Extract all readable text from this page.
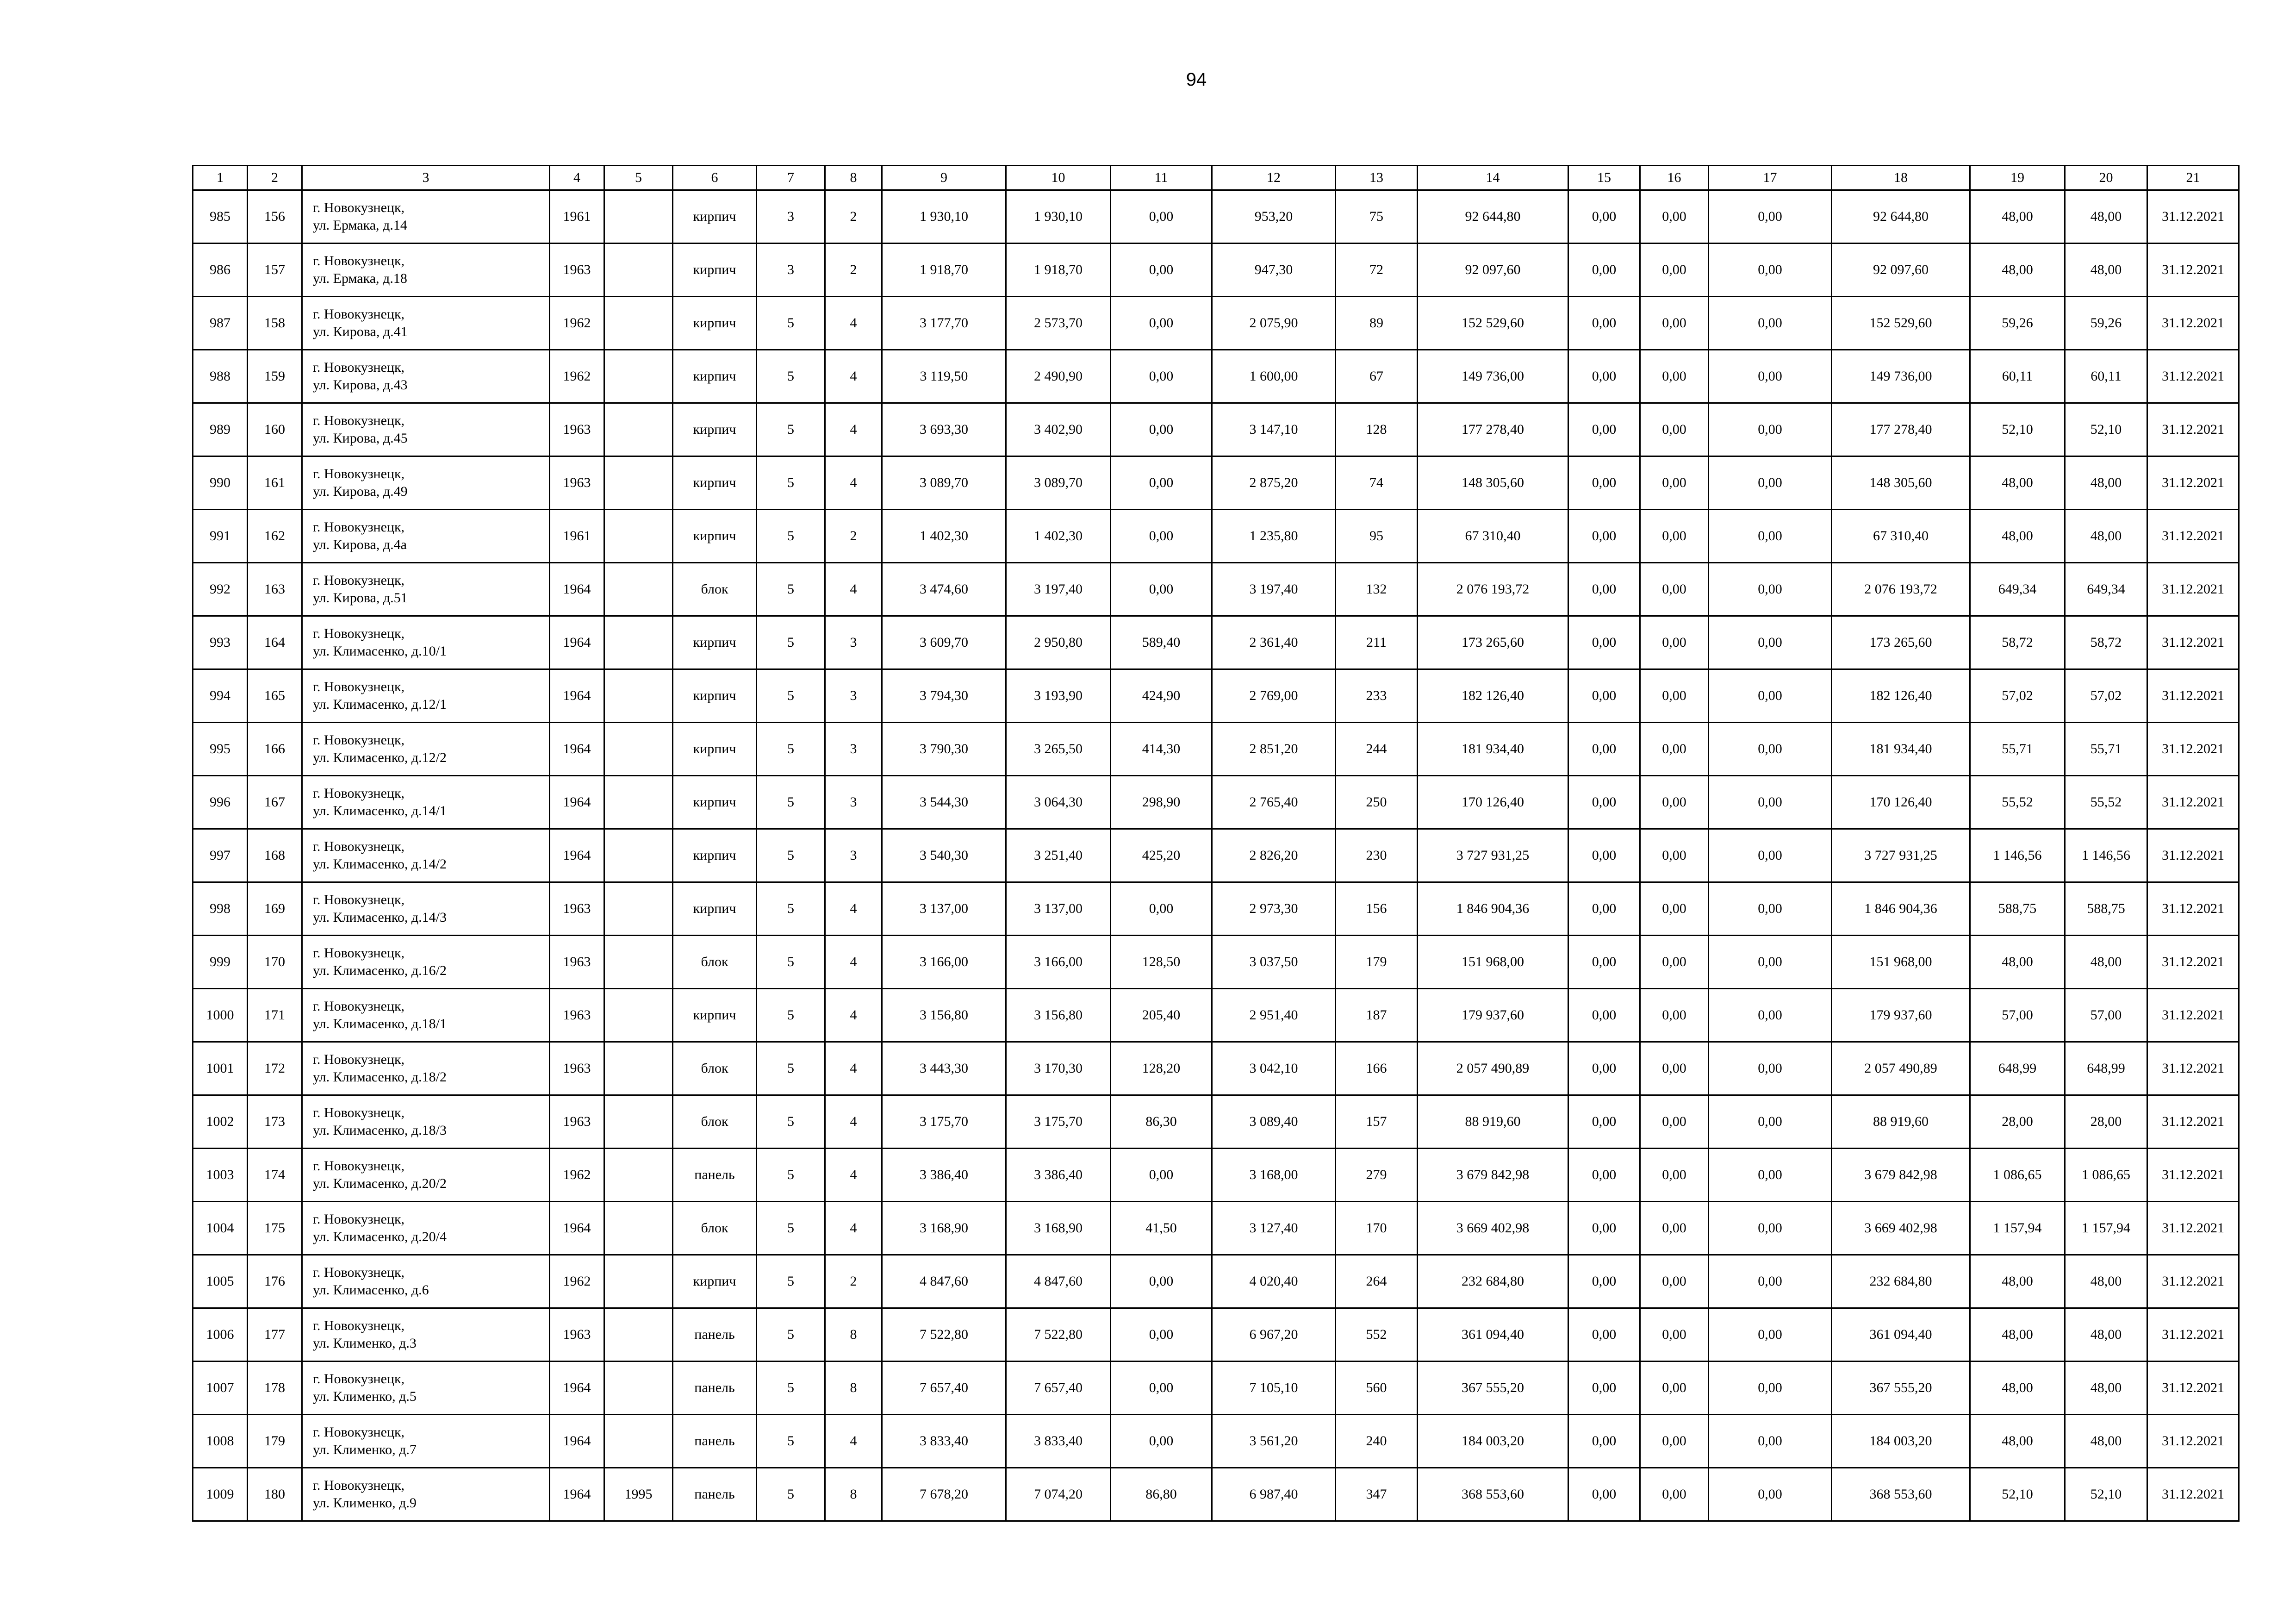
94
1	2	3	4	5	6	7	8	9	10	11	12	13	14	15	16	17	18	19	20	21
985	156	г. Новокузнецк,
ул. Ермака, д.14	1961		кирпич	3	2	1 930,10	1 930,10	0,00	953,20	75	92 644,80	0,00	0,00	0,00	92 644,80	48,00	48,00	31.12.2021
986	157	г. Новокузнецк,
ул. Ермака, д.18	1963		кирпич	3	2	1 918,70	1 918,70	0,00	947,30	72	92 097,60	0,00	0,00	0,00	92 097,60	48,00	48,00	31.12.2021
987	158	г. Новокузнецк,
ул. Кирова, д.41	1962		кирпич	5	4	3 177,70	2 573,70	0,00	2 075,90	89	152 529,60	0,00	0,00	0,00	152 529,60	59,26	59,26	31.12.2021
988	159	г. Новокузнецк,
ул. Кирова, д.43	1962		кирпич	5	4	3 119,50	2 490,90	0,00	1 600,00	67	149 736,00	0,00	0,00	0,00	149 736,00	60,11	60,11	31.12.2021
989	160	г. Новокузнецк,
ул. Кирова, д.45	1963		кирпич	5	4	3 693,30	3 402,90	0,00	3 147,10	128	177 278,40	0,00	0,00	0,00	177 278,40	52,10	52,10	31.12.2021
990	161	г. Новокузнецк,
ул. Кирова, д.49	1963		кирпич	5	4	3 089,70	3 089,70	0,00	2 875,20	74	148 305,60	0,00	0,00	0,00	148 305,60	48,00	48,00	31.12.2021
991	162	г. Новокузнецк,
ул. Кирова, д.4а	1961		кирпич	5	2	1 402,30	1 402,30	0,00	1 235,80	95	67 310,40	0,00	0,00	0,00	67 310,40	48,00	48,00	31.12.2021
992	163	г. Новокузнецк,
ул. Кирова, д.51	1964		блок	5	4	3 474,60	3 197,40	0,00	3 197,40	132	2 076 193,72	0,00	0,00	0,00	2 076 193,72	649,34	649,34	31.12.2021
993	164	г. Новокузнецк,
ул. Климасенко, д.10/1	1964		кирпич	5	3	3 609,70	2 950,80	589,40	2 361,40	211	173 265,60	0,00	0,00	0,00	173 265,60	58,72	58,72	31.12.2021
994	165	г. Новокузнецк,
ул. Климасенко, д.12/1	1964		кирпич	5	3	3 794,30	3 193,90	424,90	2 769,00	233	182 126,40	0,00	0,00	0,00	182 126,40	57,02	57,02	31.12.2021
995	166	г. Новокузнецк,
ул. Климасенко, д.12/2	1964		кирпич	5	3	3 790,30	3 265,50	414,30	2 851,20	244	181 934,40	0,00	0,00	0,00	181 934,40	55,71	55,71	31.12.2021
996	167	г. Новокузнецк,
ул. Климасенко, д.14/1	1964		кирпич	5	3	3 544,30	3 064,30	298,90	2 765,40	250	170 126,40	0,00	0,00	0,00	170 126,40	55,52	55,52	31.12.2021
997	168	г. Новокузнецк,
ул. Климасенко, д.14/2	1964		кирпич	5	3	3 540,30	3 251,40	425,20	2 826,20	230	3 727 931,25	0,00	0,00	0,00	3 727 931,25	1 146,56	1 146,56	31.12.2021
998	169	г. Новокузнецк,
ул. Климасенко, д.14/3	1963		кирпич	5	4	3 137,00	3 137,00	0,00	2 973,30	156	1 846 904,36	0,00	0,00	0,00	1 846 904,36	588,75	588,75	31.12.2021
999	170	г. Новокузнецк,
ул. Климасенко, д.16/2	1963		блок	5	4	3 166,00	3 166,00	128,50	3 037,50	179	151 968,00	0,00	0,00	0,00	151 968,00	48,00	48,00	31.12.2021
1000	171	г. Новокузнецк,
ул. Климасенко, д.18/1	1963		кирпич	5	4	3 156,80	3 156,80	205,40	2 951,40	187	179 937,60	0,00	0,00	0,00	179 937,60	57,00	57,00	31.12.2021
1001	172	г. Новокузнецк,
ул. Климасенко, д.18/2	1963		блок	5	4	3 443,30	3 170,30	128,20	3 042,10	166	2 057 490,89	0,00	0,00	0,00	2 057 490,89	648,99	648,99	31.12.2021
1002	173	г. Новокузнецк,
ул. Климасенко, д.18/3	1963		блок	5	4	3 175,70	3 175,70	86,30	3 089,40	157	88 919,60	0,00	0,00	0,00	88 919,60	28,00	28,00	31.12.2021
1003	174	г. Новокузнецк,
ул. Климасенко, д.20/2	1962		панель	5	4	3 386,40	3 386,40	0,00	3 168,00	279	3 679 842,98	0,00	0,00	0,00	3 679 842,98	1 086,65	1 086,65	31.12.2021
1004	175	г. Новокузнецк,
ул. Климасенко, д.20/4	1964		блок	5	4	3 168,90	3 168,90	41,50	3 127,40	170	3 669 402,98	0,00	0,00	0,00	3 669 402,98	1 157,94	1 157,94	31.12.2021
1005	176	г. Новокузнецк,
ул. Климасенко, д.6	1962		кирпич	5	2	4 847,60	4 847,60	0,00	4 020,40	264	232 684,80	0,00	0,00	0,00	232 684,80	48,00	48,00	31.12.2021
1006	177	г. Новокузнецк,
ул. Клименко, д.3	1963		панель	5	8	7 522,80	7 522,80	0,00	6 967,20	552	361 094,40	0,00	0,00	0,00	361 094,40	48,00	48,00	31.12.2021
1007	178	г. Новокузнецк,
ул. Клименко, д.5	1964		панель	5	8	7 657,40	7 657,40	0,00	7 105,10	560	367 555,20	0,00	0,00	0,00	367 555,20	48,00	48,00	31.12.2021
1008	179	г. Новокузнецк,
ул. Клименко, д.7	1964		панель	5	4	3 833,40	3 833,40	0,00	3 561,20	240	184 003,20	0,00	0,00	0,00	184 003,20	48,00	48,00	31.12.2021
1009	180	г. Новокузнецк,
ул. Клименко, д.9	1964	1995	панель	5	8	7 678,20	7 074,20	86,80	6 987,40	347	368 553,60	0,00	0,00	0,00	368 553,60	52,10	52,10	31.12.2021
